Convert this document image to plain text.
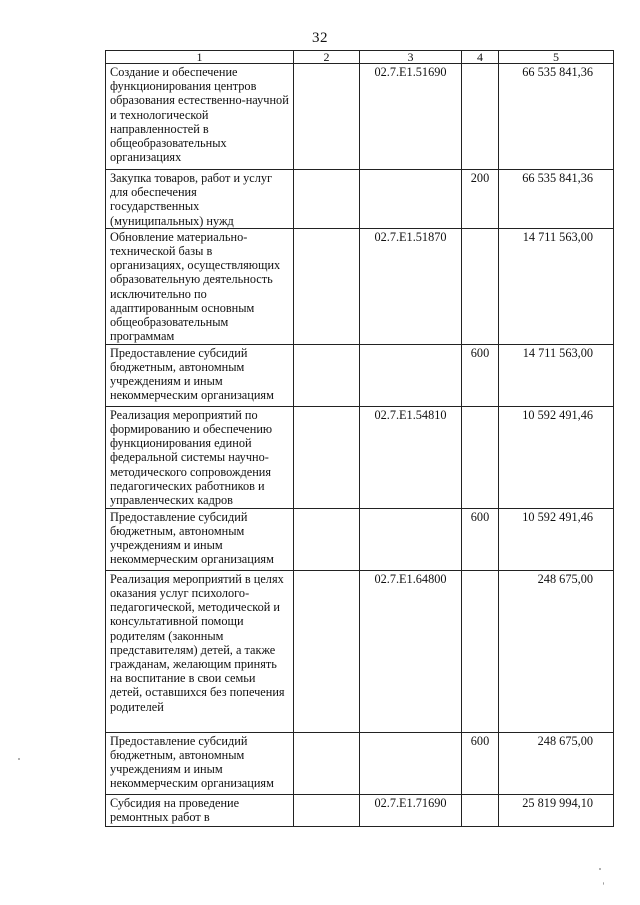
32
1	2	3	4	5
Создание и обеспечение функционирования центров образования естественно-научной и технологической направленностей в общеобразовательных организациях		02.7.E1.51690		66 535 841,36
Закупка товаров, работ и услуг для обеспечения государственных (муниципальных) нужд			200	66 535 841,36
Обновление материально-технической базы в организациях, осуществляющих образовательную деятельность исключительно по адаптированным основным общеобразовательным программам		02.7.E1.51870		14 711 563,00
Предоставление субсидий бюджетным, автономным учреждениям и иным некоммерческим организациям			600	14 711 563,00
Реализация мероприятий по формированию и обеспечению функционирования единой федеральной системы научно-методического сопровождения педагогических работников и управленческих кадров		02.7.E1.54810		10 592 491,46
Предоставление субсидий бюджетным, автономным учреждениям и иным некоммерческим организациям			600	10 592 491,46
Реализация мероприятий в целях оказания услуг психолого-педагогической, методической и консультативной помощи родителям (законным представителям) детей, а также гражданам, желающим принять на воспитание в свои семьи детей, оставшихся без попечения родителей		02.7.E1.64800		248 675,00
Предоставление субсидий бюджетным, автономным учреждениям и иным некоммерческим организациям			600	248 675,00
Субсидия на проведение ремонтных работ в		02.7.E1.71690		25 819 994,10
